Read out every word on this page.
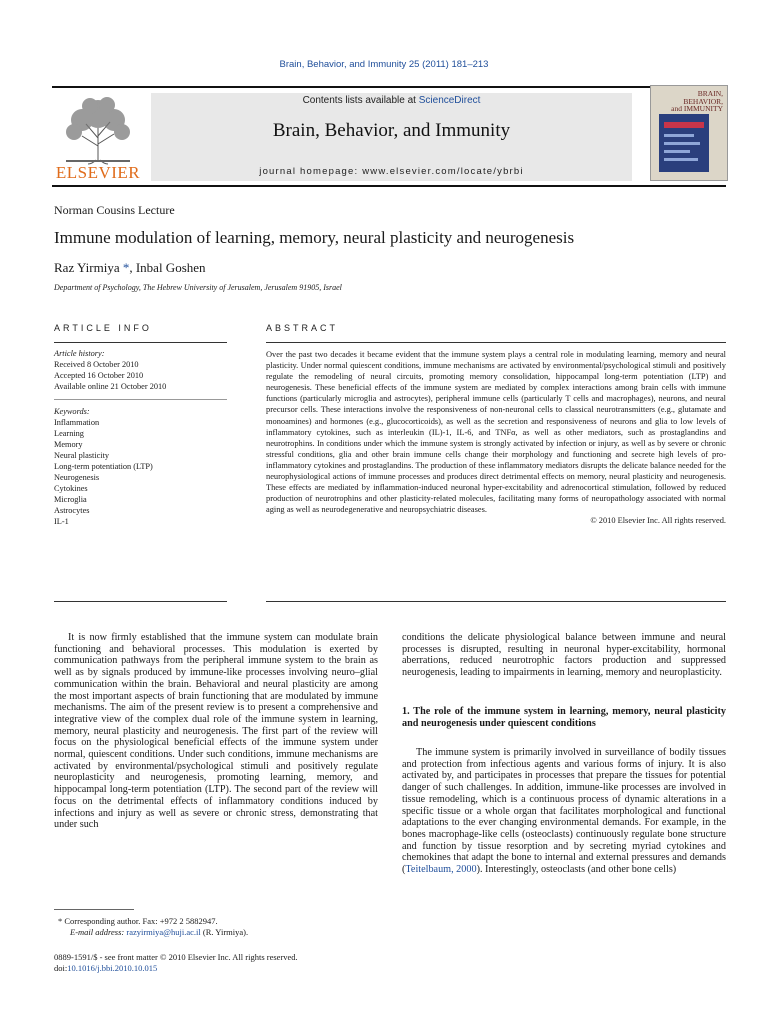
Brain, Behavior, and Immunity 25 (2011) 181–213
ELSEVIER
Contents lists available at ScienceDirect
Brain, Behavior, and Immunity
journal homepage: www.elsevier.com/locate/ybrbi
BRAIN,
BEHAVIOR,
and IMMUNITY
Norman Cousins Lecture
Immune modulation of learning, memory, neural plasticity and neurogenesis
Raz Yirmiya *, Inbal Goshen
Department of Psychology, The Hebrew University of Jerusalem, Jerusalem 91905, Israel
ARTICLE INFO
Article history:
Received 8 October 2010
Accepted 16 October 2010
Available online 21 October 2010
Keywords:
Inflammation
Learning
Memory
Neural plasticity
Long-term potentiation (LTP)
Neurogenesis
Cytokines
Microglia
Astrocytes
IL-1
ABSTRACT
Over the past two decades it became evident that the immune system plays a central role in modulating learning, memory and neural plasticity. Under normal quiescent conditions, immune mechanisms are activated by environmental/psychological stimuli and positively regulate the remodeling of neural circuits, promoting memory consolidation, hippocampal long-term potentiation (LTP) and neurogenesis. These beneficial effects of the immune system are mediated by complex interactions among brain cells with immune functions (particularly microglia and astrocytes), peripheral immune cells (particularly T cells and macrophages), neurons, and neural precursor cells. These interactions involve the responsiveness of non-neuronal cells to classical neurotransmitters (e.g., glutamate and monoamines) and hormones (e.g., glucocorticoids), as well as the secretion and responsiveness of neurons and glia to low levels of inflammatory cytokines, such as interleukin (IL)-1, IL-6, and TNFα, as well as other mediators, such as prostaglandins and neurotrophins. In conditions under which the immune system is strongly activated by infection or injury, as well as by severe or chronic stressful conditions, glia and other brain immune cells change their morphology and functioning and secrete high levels of pro-inflammatory cytokines and prostaglandins. The production of these inflammatory mediators disrupts the delicate balance needed for the neurophysiological actions of immune processes and produces direct detrimental effects on memory, neural plasticity and neurogenesis. These effects are mediated by inflammation-induced neuronal hyper-excitability and adrenocortical stimulation, followed by reduced production of neurotrophins and other plasticity-related molecules, facilitating many forms of neuropathology associated with normal aging as well as neurodegenerative and neuropsychiatric diseases.
© 2010 Elsevier Inc. All rights reserved.

It is now firmly established that the immune system can modulate brain functioning and behavioral processes. This modulation is exerted by communication pathways from the peripheral immune system to the brain as well as by signals produced by immune-like processes involving neuro–glial communication within the brain. Behavioral and neural plasticity are among the most important aspects of brain functioning that are modulated by immune mechanisms. The aim of the present review is to present a comprehensive and integrative view of the complex dual role of the immune system in learning, memory, neural plasticity and neurogenesis. The first part of the review will focus on the physiological beneficial effects of the immune system under normal, quiescent conditions. Under such conditions, immune mechanisms are activated by environmental/psychological stimuli and positively regulate neuroplasticity and neurogenesis, promoting learning, memory, and hippocampal long-term potentiation (LTP). The second part of the review will focus on the detrimental effects of inflammatory conditions induced by infections and injury as well as severe or chronic stress, demonstrating that under such

* Corresponding author. Fax: +972 2 5882947.
E-mail address: razyirmiya@huji.ac.il (R. Yirmiya).
0889-1591/$ - see front matter © 2010 Elsevier Inc. All rights reserved.
doi:10.1016/j.bbi.2010.10.015

conditions the delicate physiological balance between immune and neural processes is disrupted, resulting in neuronal hyper-excitability, hormonal aberrations, reduced neurotrophic factors production and suppressed neurogenesis, leading to impairments in learning, memory and neuroplasticity.

1. The role of the immune system in learning, memory, neural plasticity and neurogenesis under quiescent conditions

The immune system is primarily involved in surveillance of bodily tissues and protection from infectious agents and various forms of injury. It is also activated by, and participates in processes that prepare the tissues for potential danger of such challenges. In addition, immune-like processes are involved in tissue remodeling, which is a continuous process of dynamic alterations in a specific tissue or a whole organ that facilitates morphological and functional adaptations to the ever changing environmental demands. For example, in the bones macrophage-like cells (osteoclasts) continuously regulate bone structure and function by tissue resorption and by secreting myriad cytokines and chemokines that adapt the bone to internal and external pressures and demands (Teitelbaum, 2000). Interestingly, osteoclasts (and other bone cells)
